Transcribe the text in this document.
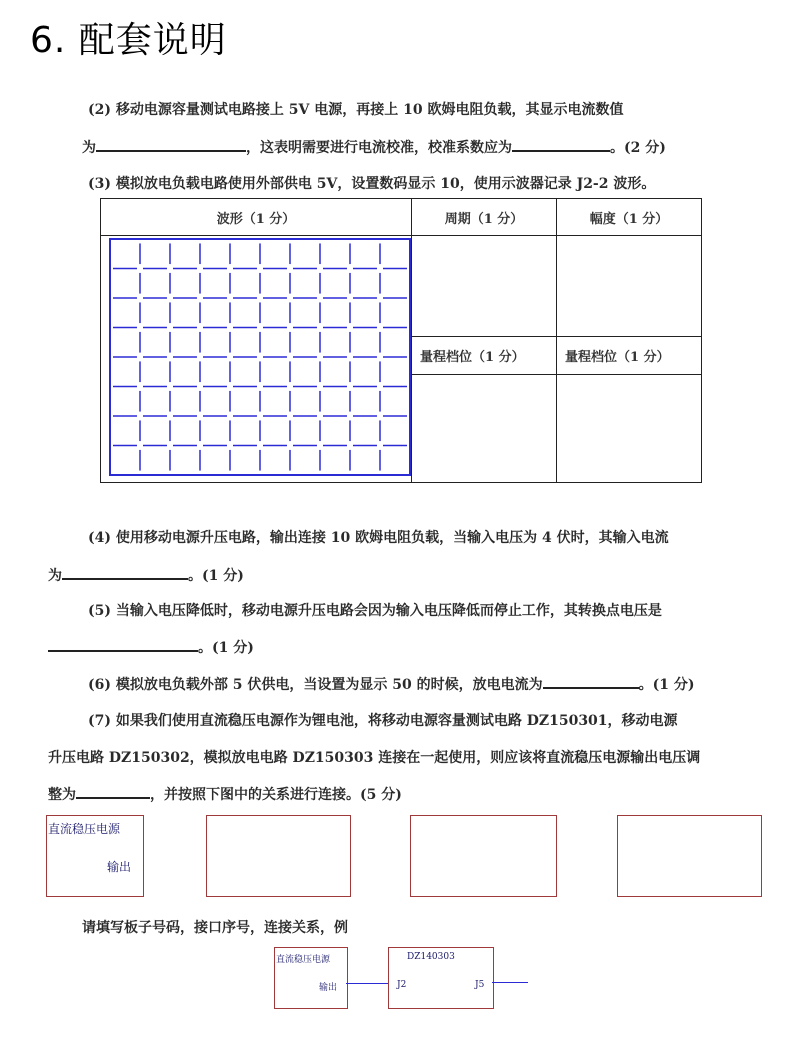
6. 配套说明
(2) 移动电源容量测试电路接上 5V 电源，再接上 10 欧姆电阻负载，其显示电流数值
为	，这表明需要进行电流校准，校准系数应为	。(2 分)
(3) 模拟放电负载电路使用外部供电 5V，设置数码显示 10，使用示波器记录 J2-2 波形。
波形（1 分）	周期（1 分）	幅度（1 分）

	量程档位（1 分）	量程档位（1 分）

(4) 使用移动电源升压电路，输出连接 10 欧姆电阻负载，当输入电压为 4 伏时，其输入电流
为	。(1 分)
(5) 当输入电压降低时，移动电源升压电路会因为输入电压降低而停止工作，其转换点电压是
。(1 分)
(6) 模拟放电负载外部 5 伏供电，当设置为显示 50 的时候，放电电流为	。(1 分)
(7) 如果我们使用直流稳压电源作为锂电池，将移动电源容量测试电路 DZ150301，移动电源
升压电路 DZ150302，模拟放电电路 DZ150303 连接在一起使用，则应该将直流稳压电源输出电压调
整为	，并按照下图中的关系进行连接。(5 分)
直流稳压电源
输出
请填写板子号码，接口序号，连接关系，例
直流稳压电源
输出
DZ140303
J2	J5
